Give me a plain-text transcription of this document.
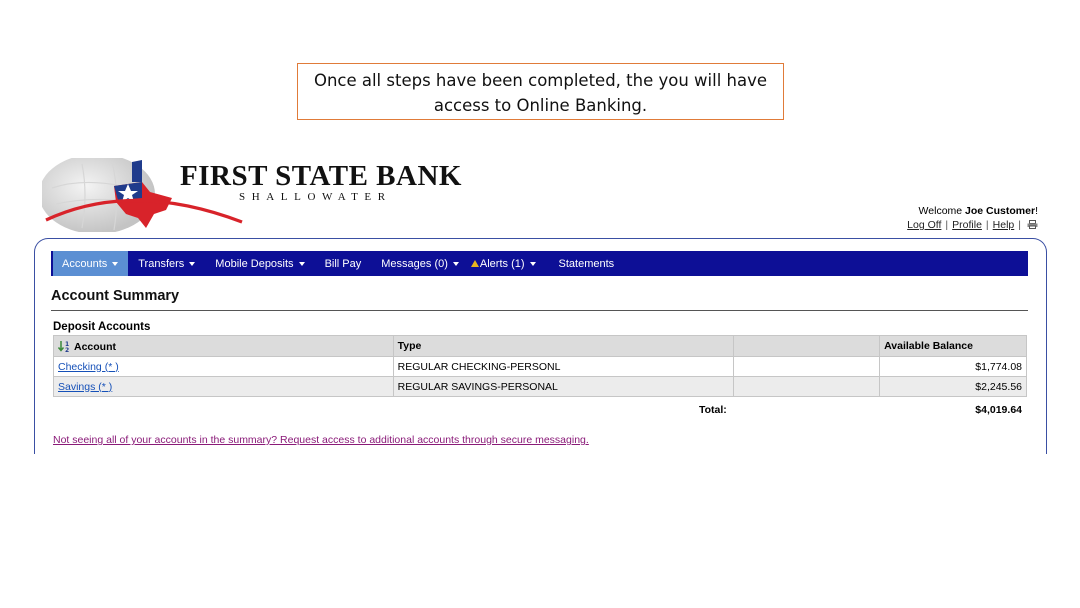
Once all steps have been completed, the you will have
access to Online Banking.
FIRST STATE BANK
SHALLOWATER
Welcome Joe Customer!
Log Off | Profile | Help |
Accounts	Transfers	Mobile Deposits	Bill Pay Messages (0)	Alerts (1)	Statements
Account Summary
Deposit Accounts
1
2 Account	Type		Available Balance
Checking (* )	REGULAR CHECKING-PERSONL		$1,774.08
Savings (* )	REGULAR SAVINGS-PERSONAL		$2,245.56
Total:	$4,019.64
Not seeing all of your accounts in the summary? Request access to additional accounts through secure messaging.
